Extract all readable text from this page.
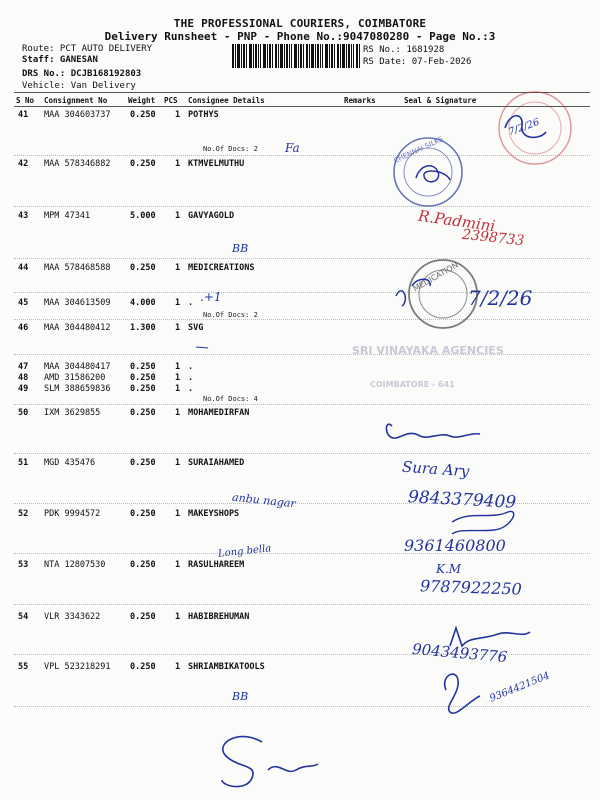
THE PROFESSIONAL COURIERS, COIMBATORE
Delivery Runsheet - PNP - Phone No.:9047080280 - Page No.:3
Route: PCT AUTO DELIVERY
Staff: GANESAN
DRS No.: DCJB168192803
Vehicle: Van Delivery
RS No.: 1681928
RS Date: 07-Feb-2026
S No Consignment No	Weight PCS Consignee Details	Remarks	Seal & Signature
41 MAA 304603737 0.250 1 POTHYS
No.Of Docs: 2
42 MAA 578346882 0.250 1 KTMVELMUTHU
43 MPM 47341	5.000 1 GAVYAGOLD
44 MAA 578468588 0.250 1 MEDICREATIONS
45 MAA 304613509 4.000 1 .
No.Of Docs: 2
46 MAA 304480412 1.300 1 SVG
47 MAA 304480417 0.250 1 .
48 AMD 31586200	0.250 1 .
49 SLM 388659836 0.250 1 .
No.Of Docs: 4
50 IXM 3629855	0.250 1 MOHAMEDIRFAN
51 MGD 435476	0.250 1 SURAIAHAMED
52 PDK 9994572	0.250 1 MAKEYSHOPS
53 NTA 12807530	0.250 1 RASULHAREEM
54 VLR 3343622	0.250 1 HABIBREHUMAN
55 VPL 523218291 0.250 1 SHRIAMBIKATOOLS
SRI VINAYAKA AGENCIES
COIMBATORE - 641
Fa
7/2/26
R.Padmini
2398733
BB
.+1	7/2/26
Sura Ary
anbu nagar	9843379409
9361460800
Long bella
K.M
9787922250
9043493776
BB	9364421504
CHENNAI SILKS
MEDICATION
